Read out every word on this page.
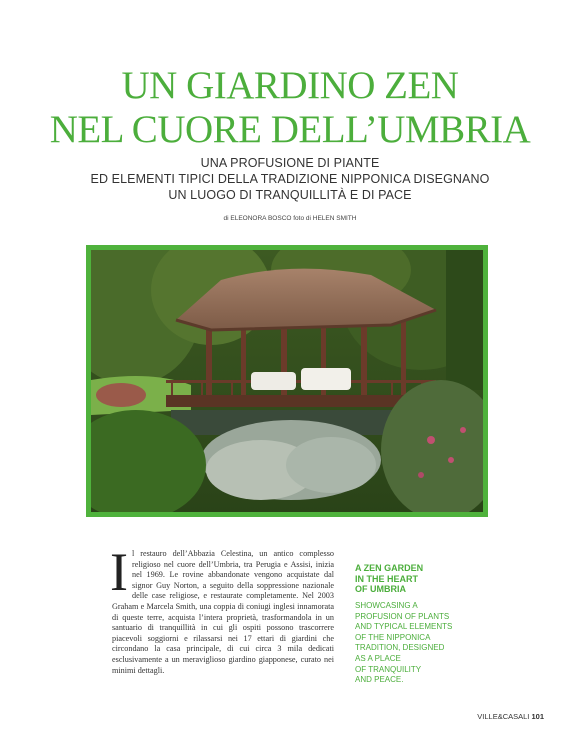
UN GIARDINO ZEN
NEL CUORE DELL’UMBRIA
UNA PROFUSIONE DI PIANTE
ED ELEMENTI TIPICI DELLA TRADIZIONE NIPPONICA DISEGNANO
UN LUOGO DI TRANQUILLITÀ E DI PACE
di ELEONORA BOSCO foto di HELEN SMITH
Il restauro dell’Abbazia Celestina, un antico complesso religioso nel cuore dell’Umbria, tra Perugia e Assisi, inizia nel 1969. Le rovine abbandonate vengono acquistate dal signor Guy Norton, a seguito della soppressione nazionale delle case religiose, e restaurate completamente. Nel 2003 Graham e Marcela Smith, una coppia di coniugi inglesi innamorata di queste terre, acquista l’intera proprietà, trasformandola in un santuario di tranquillità in cui gli ospiti possono trascorrere piacevoli soggiorni e rilassarsi nei 17 ettari di giardini che circondano la casa principale, di cui circa 3 mila dedicati esclusivamente a un meraviglioso giardino giapponese, curato nei minimi dettagli.
A ZEN GARDEN
IN THE HEART
OF UMBRIA
SHOWCASING A
PROFUSION OF PLANTS
AND TYPICAL ELEMENTS
OF THE NIPPONICA
TRADITION, DESIGNED
AS A PLACE
OF TRANQUILITY
AND PEACE.
VILLE&CASALI 101
